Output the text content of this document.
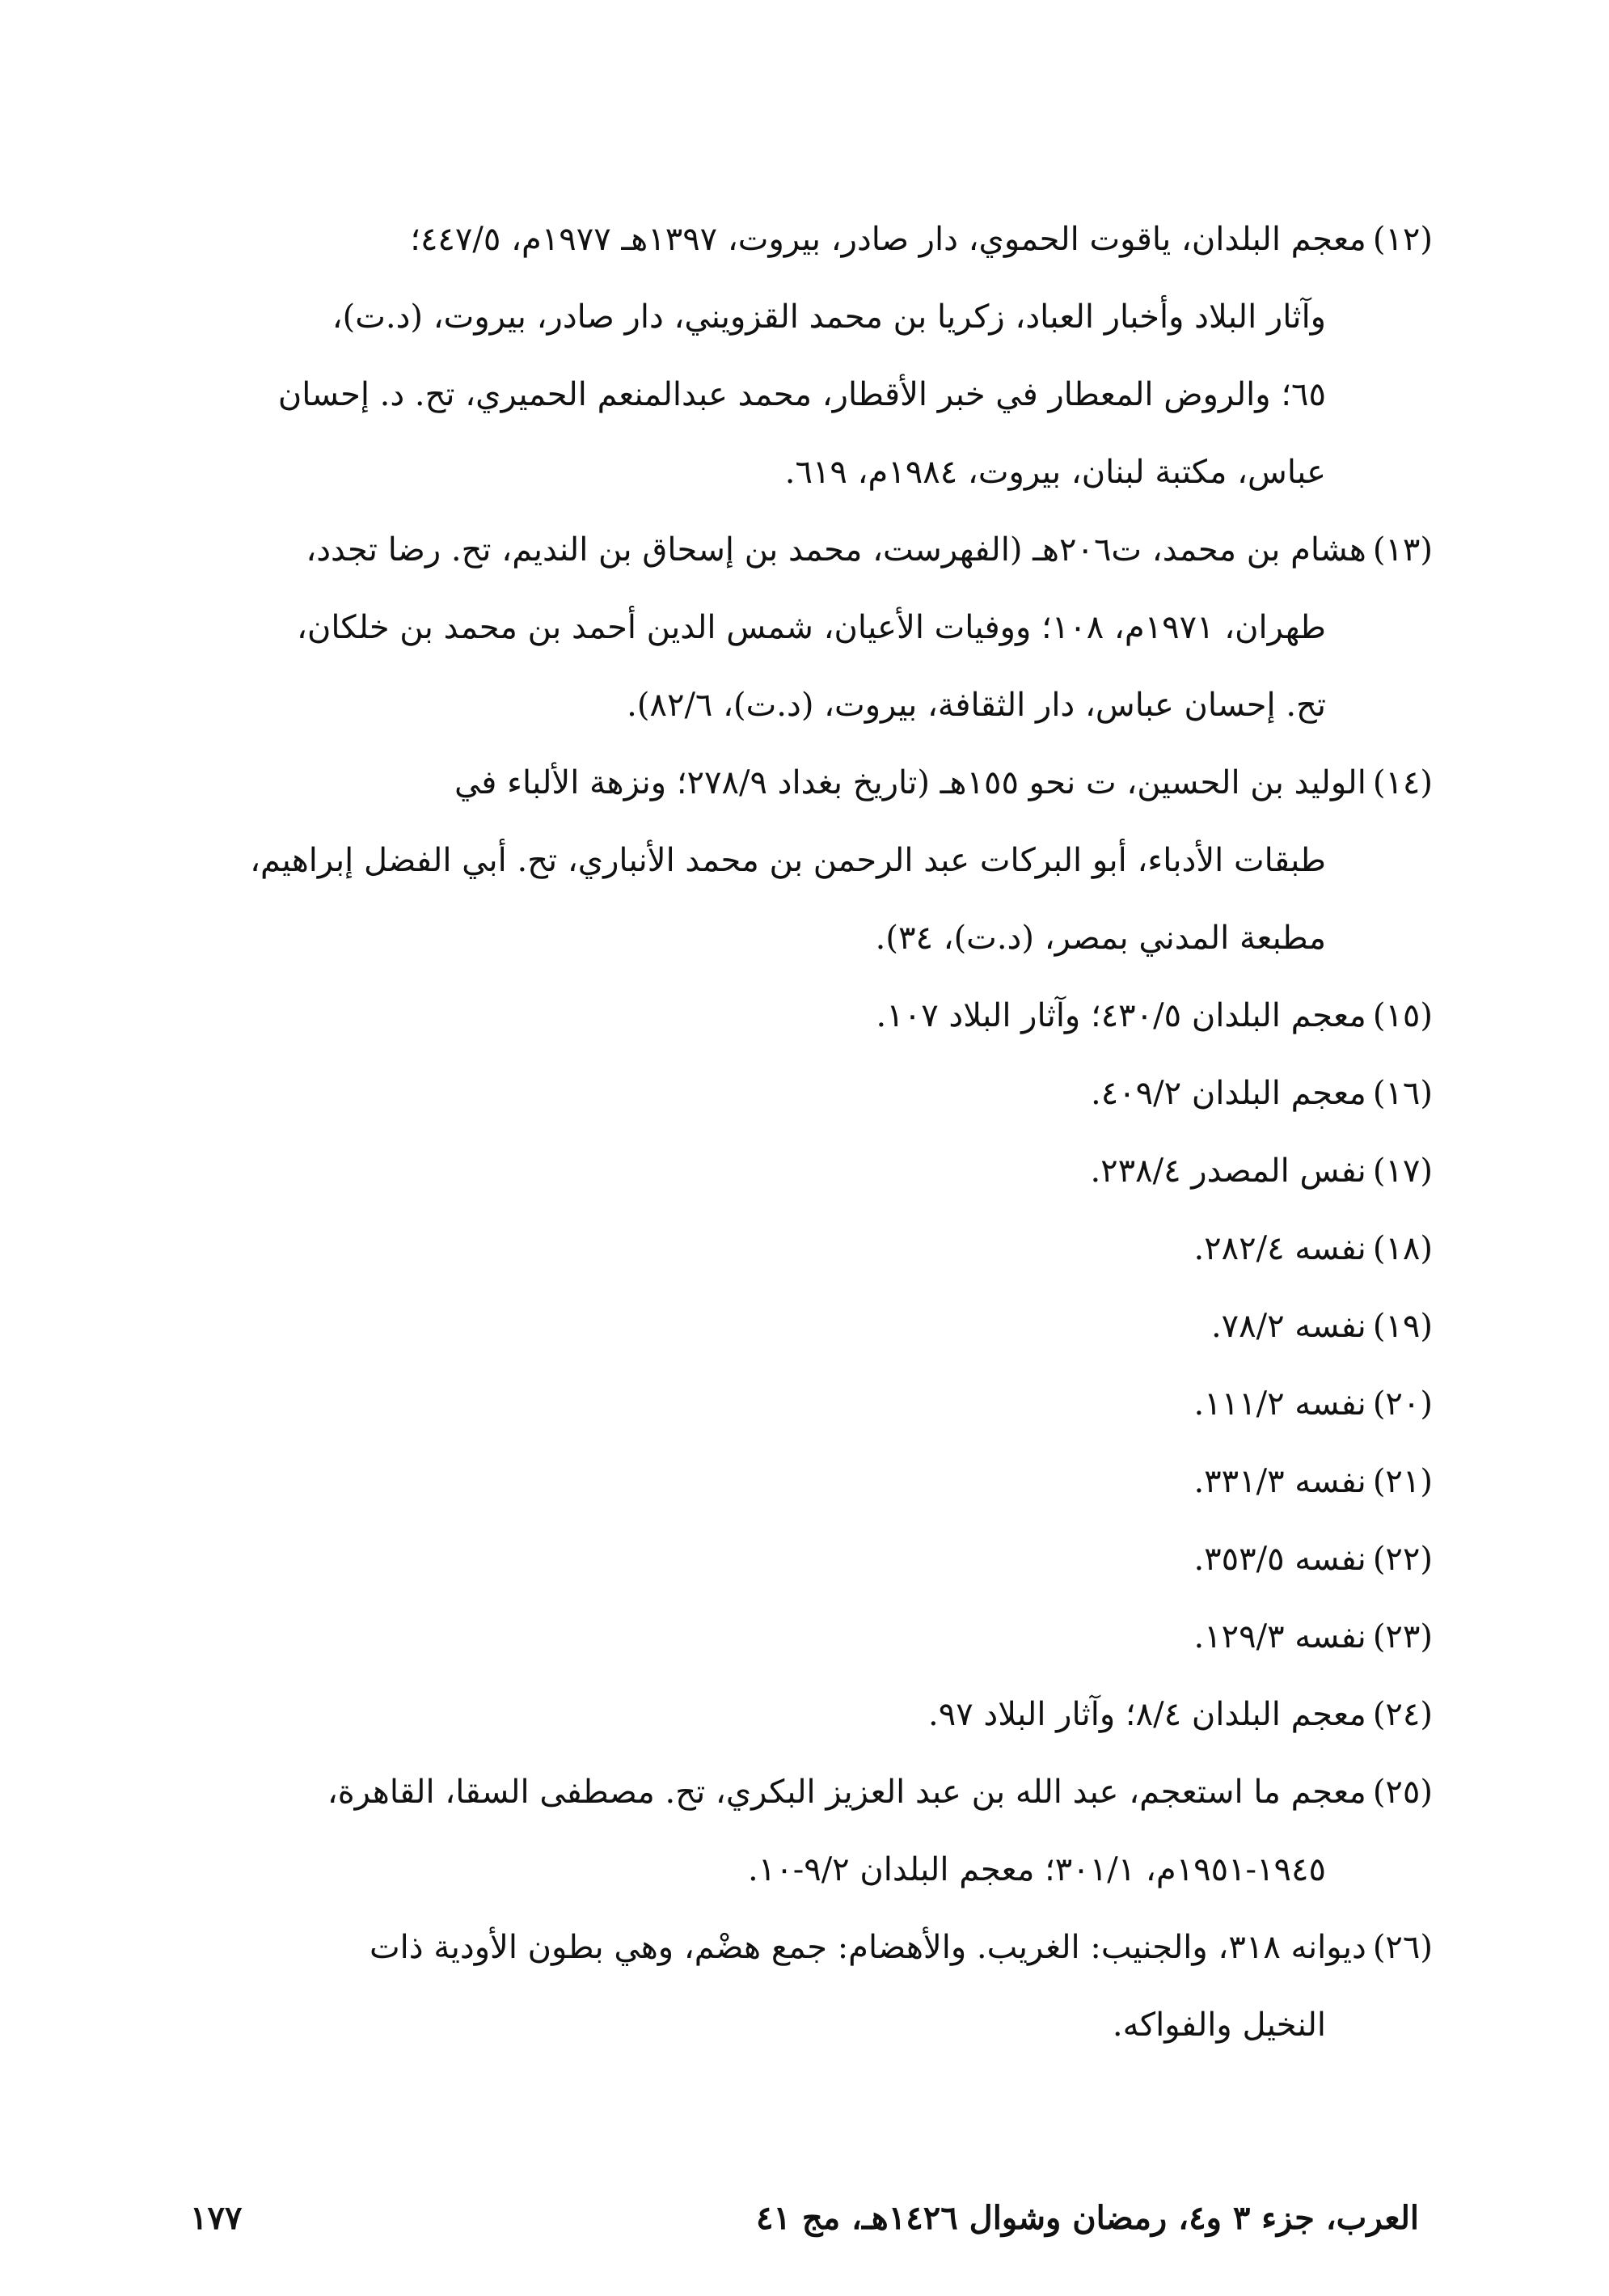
(١٢)معجم البلدان، ياقوت الحموي، دار صادر، بيروت، ١٣٩٧هـ ١٩٧٧م، ٤٤٧/٥؛
وآثار البلاد وأخبار العباد، زكريا بن محمد القزويني، دار صادر، بيروت، (د.ت)،
٦٥؛ والروض المعطار في خبر الأقطار، محمد عبدالمنعم الحميري، تح. د. إحسان
عباس، مكتبة لبنان، بيروت، ١٩٨٤م، ٦١٩.
(١٣)هشام بن محمد، ت٢٠٦هـ (الفهرست، محمد بن إسحاق بن النديم، تح. رضا تجدد،
طهران، ١٩٧١م، ١٠٨؛ ووفيات الأعيان، شمس الدين أحمد بن محمد بن خلكان،
تح. إحسان عباس، دار الثقافة، بيروت، (د.ت)، ٨٢/٦).
(١٤)الوليد بن الحسين، ت نحو ١٥٥هـ (تاريخ بغداد ٢٧٨/٩؛ ونزهة الألباء في
طبقات الأدباء، أبو البركات عبد الرحمن بن محمد الأنباري، تح. أبي الفضل إبراهيم،
مطبعة المدني بمصر، (د.ت)، ٣٤).
(١٥)معجم البلدان ٤٣٠/٥؛ وآثار البلاد ١٠٧.
(١٦)معجم البلدان ٤٠٩/٢.
(١٧)نفس المصدر ٢٣٨/٤.
(١٨)نفسه ٢٨٢/٤.
(١٩)نفسه ٧٨/٢.
(٢٠)نفسه ١١١/٢.
(٢١)نفسه ٣٣١/٣.
(٢٢)نفسه ٣٥٣/٥.
(٢٣)نفسه ١٢٩/٣.
(٢٤)معجم البلدان ٨/٤؛ وآثار البلاد ٩٧.
(٢٥)معجم ما استعجم، عبد الله بن عبد العزيز البكري، تح. مصطفى السقا، القاهرة،
١٩٤٥-١٩٥١م، ٣٠١/١؛ معجم البلدان ٩/٢-١٠.
(٢٦)ديوانه ٣١٨، والجنيب: الغريب. والأهضام: جمع هضْم، وهي بطون الأودية ذات
النخيل والفواكه.
العرب، جزء ٣ و٤، رمضان وشوال ١٤٢٦هـ، مج ٤١
١٧٧
